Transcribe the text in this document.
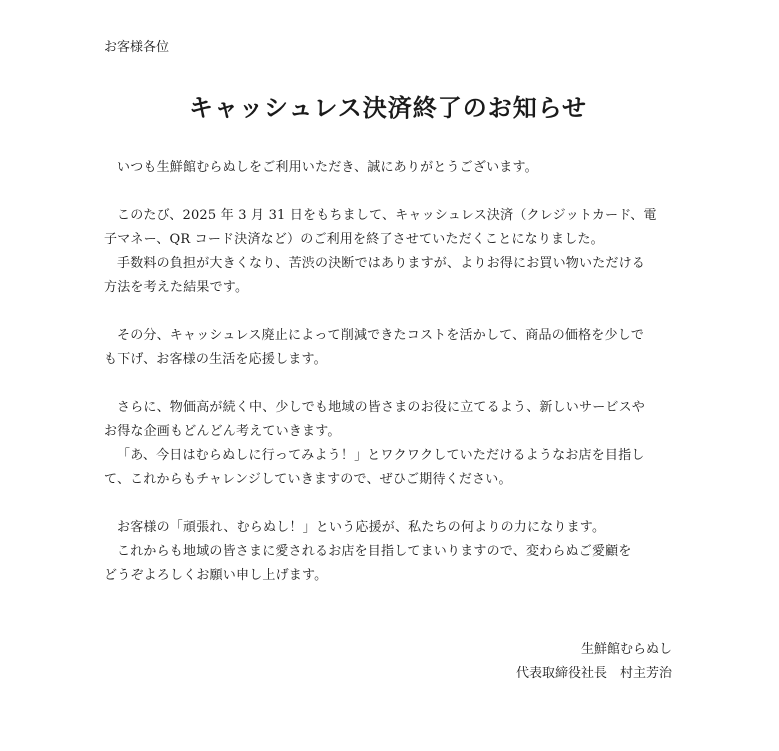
お客様各位
キャッシュレス決済終了のお知らせ

いつも生鮮館むらぬしをご利用いただき、誠にありがとうございます。

このたび、2025 年 3 月 31 日をもちまして、キャッシュレス決済（クレジットカード、電
子マネー、QR コード決済など）のご利用を終了させていただくことになりました。
手数料の負担が大きくなり、苦渋の決断ではありますが、よりお得にお買い物いただける
方法を考えた結果です。

その分、キャッシュレス廃止によって削減できたコストを活かして、商品の価格を少しで
も下げ、お客様の生活を応援します。

さらに、物価高が続く中、少しでも地域の皆さまのお役に立てるよう、新しいサービスや
お得な企画もどんどん考えていきます。
「あ、今日はむらぬしに行ってみよう！」とワクワクしていただけるようなお店を目指し
て、これからもチャレンジしていきますので、ぜひご期待ください。

お客様の「頑張れ、むらぬし！」という応援が、私たちの何よりの力になります。
これからも地域の皆さまに愛されるお店を目指してまいりますので、変わらぬご愛顧を
どうぞよろしくお願い申し上げます。

生鮮館むらぬし
代表取締役社長　村主芳治
